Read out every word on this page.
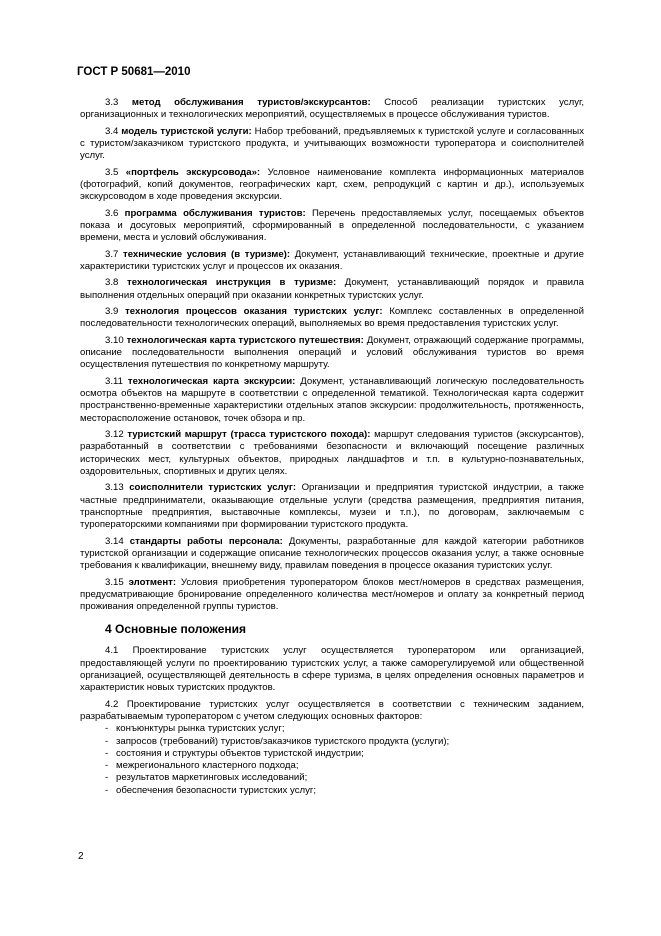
ГОСТ Р 50681—2010

3.3 метод обслуживания туристов/экскурсантов: Способ реализации туристских услуг, организационных и технологических мероприятий, осуществляемых в процессе обслуживания туристов.

3.4 модель туристской услуги: Набор требований, предъявляемых к туристской услуге и согласованных с туристом/заказчиком туристского продукта, и учитывающих возможности туроператора и соисполнителей услуг.

3.5 «портфель экскурсовода»: Условное наименование комплекта информационных материалов (фотографий, копий документов, географических карт, схем, репродукций с картин и др.), используемых экскурсоводом в ходе проведения экскурсии.

3.6 программа обслуживания туристов: Перечень предоставляемых услуг, посещаемых объектов показа и досуговых мероприятий, сформированный в определенной последовательности, с указанием времени, места и условий обслуживания.

3.7 технические условия (в туризме): Документ, устанавливающий технические, проектные и другие характеристики туристских услуг и процессов их оказания.

3.8 технологическая инструкция в туризме: Документ, устанавливающий порядок и правила выполнения отдельных операций при оказании конкретных туристских услуг.

3.9 технология процессов оказания туристских услуг: Комплекс составленных в определенной последовательности технологических операций, выполняемых во время предоставления туристских услуг.

3.10 технологическая карта туристского путешествия: Документ, отражающий содержание программы, описание последовательности выполнения операций и условий обслуживания туристов во время осуществления путешествия по конкретному маршруту.

3.11 технологическая карта экскурсии: Документ, устанавливающий логическую последовательность осмотра объектов на маршруте в соответствии с определенной тематикой. Технологическая карта содержит пространственно-временные характеристики отдельных этапов экскурсии: продолжительность, протяженность, месторасположение остановок, точек обзора и пр.

3.12 туристский маршрут (трасса туристского похода): маршрут следования туристов (экскурсантов), разработанный в соответствии с требованиями безопасности и включающий посещение различных исторических мест, культурных объектов, природных ландшафтов и т.п. в культурно-познавательных, оздоровительных, спортивных и других целях.

3.13 соисполнители туристских услуг: Организации и предприятия туристской индустрии, а также частные предприниматели, оказывающие отдельные услуги (средства размещения, предприятия питания, транспортные предприятия, выставочные комплексы, музеи и т.п.), по договорам, заключаемым с туроператорскими компаниями при формировании туристского продукта.

3.14 стандарты работы персонала: Документы, разработанные для каждой категории работников туристской организации и содержащие описание технологических процессов оказания услуг, а также основные требования к квалификации, внешнему виду, правилам поведения в процессе оказания туристских услуг.

3.15 элотмент: Условия приобретения туроператором блоков мест/номеров в средствах размещения, предусматривающие бронирование определенного количества мест/номеров и оплату за конкретный период проживания определенной группы туристов.

4 Основные положения

4.1 Проектирование туристских услуг осуществляется туроператором или организацией, предоставляющей услуги по проектированию туристских услуг, а также саморегулируемой или общественной организацией, осуществляющей деятельность в сфере туризма, в целях определения основных параметров и характеристик новых туристских продуктов.

4.2 Проектирование туристских услуг осуществляется в соответствии с техническим заданием, разрабатываемым туроператором с учетом следующих основных факторов:

- конъюнктуры рынка туристских услуг;
- запросов (требований) туристов/заказчиков туристского продукта (услуги);
- состояния и структуры объектов туристской индустрии;
- межрегионального кластерного подхода;
- результатов маркетинговых исследований;
- обеспечения безопасности туристских услуг;
2
